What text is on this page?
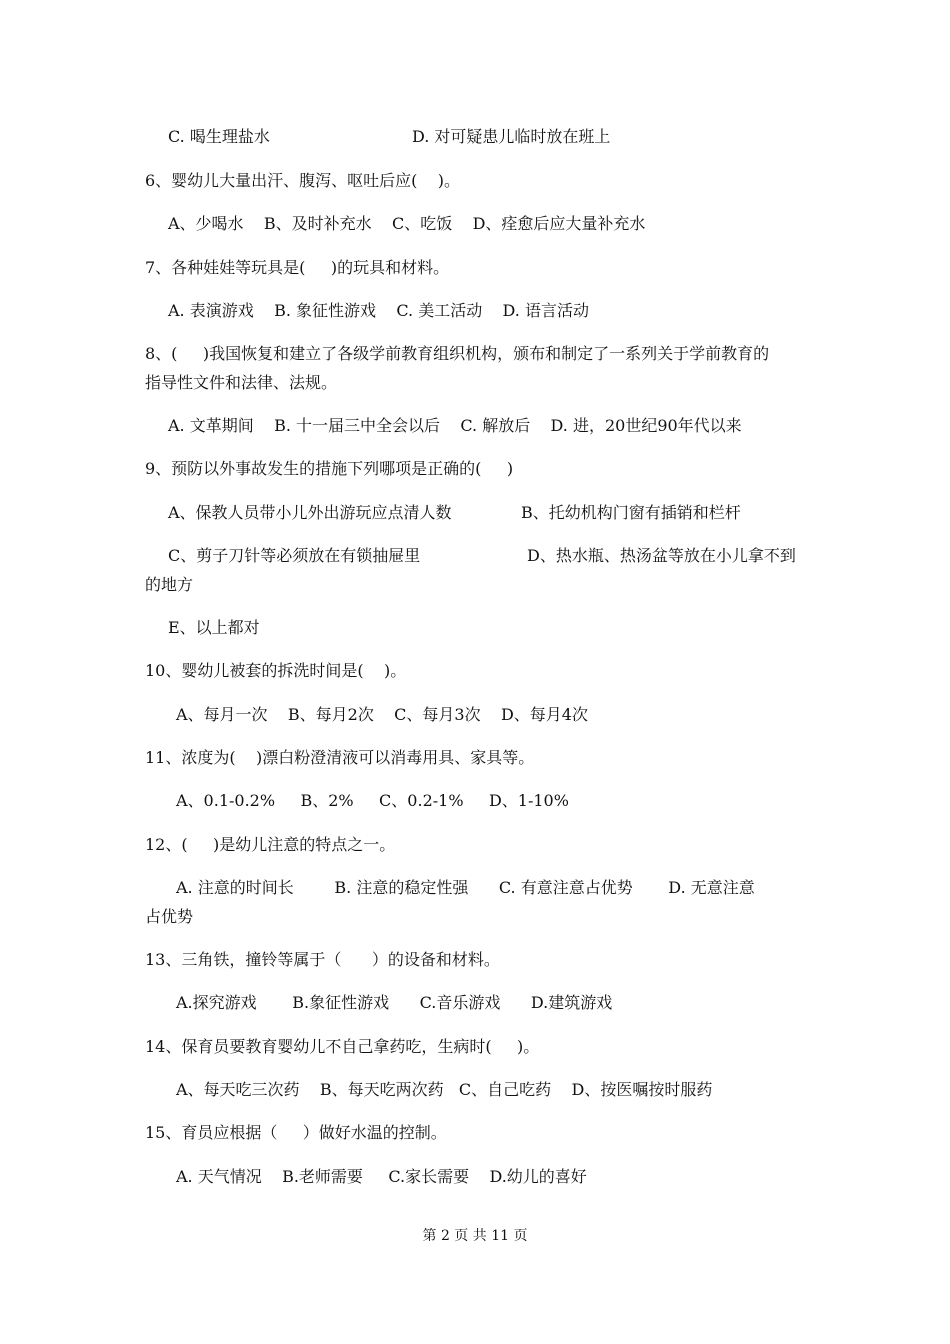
C. 喝生理盐水	D. 对可疑患儿临时放在班上

6、婴幼儿大量出汗、腹泻、呕吐后应(    )。

A、少喝水    B、及时补充水    C、吃饭    D、痊愈后应大量补充水

7、各种娃娃等玩具是(     )的玩具和材料。

A. 表演游戏    B. 象征性游戏    C. 美工活动    D. 语言活动

8、(     )我国恢复和建立了各级学前教育组织机构，颁布和制定了一系列关于学前教育的

指导性文件和法律、法规。

A. 文革期间    B. 十一届三中全会以后    C. 解放后    D. 进，20世纪90年代以来

9、预防以外事故发生的措施下列哪项是正确的(     )

A、保教人员带小儿外出游玩应点清人数	B、托幼机构门窗有插销和栏杆

C、剪子刀针等必须放在有锁抽屉里	D、热水瓶、热汤盆等放在小儿拿不到

的地方

E、以上都对

10、婴幼儿被套的拆洗时间是(    )。

A、每月一次    B、每月2次    C、每月3次    D、每月4次

11、浓度为(    )漂白粉澄清液可以消毒用具、家具等。

A、0.1-0.2%     B、2%     C、0.2-1%     D、1-10%

12、(     )是幼儿注意的特点之一。

A. 注意的时间长        B. 注意的稳定性强      C. 有意注意占优势       D. 无意注意

占优势

13、三角铁，撞铃等属于（      ）的设备和材料。

A.探究游戏       B.象征性游戏      C.音乐游戏      D.建筑游戏

14、保育员要教育婴幼儿不自己拿药吃，生病时(     )。

A、每天吃三次药    B、每天吃两次药   C、自己吃药    D、按医嘱按时服药

15、育员应根据（     ）做好水温的控制。

A. 天气情况    B.老师需要     C.家长需要    D.幼儿的喜好

第 2 页 共 11 页
